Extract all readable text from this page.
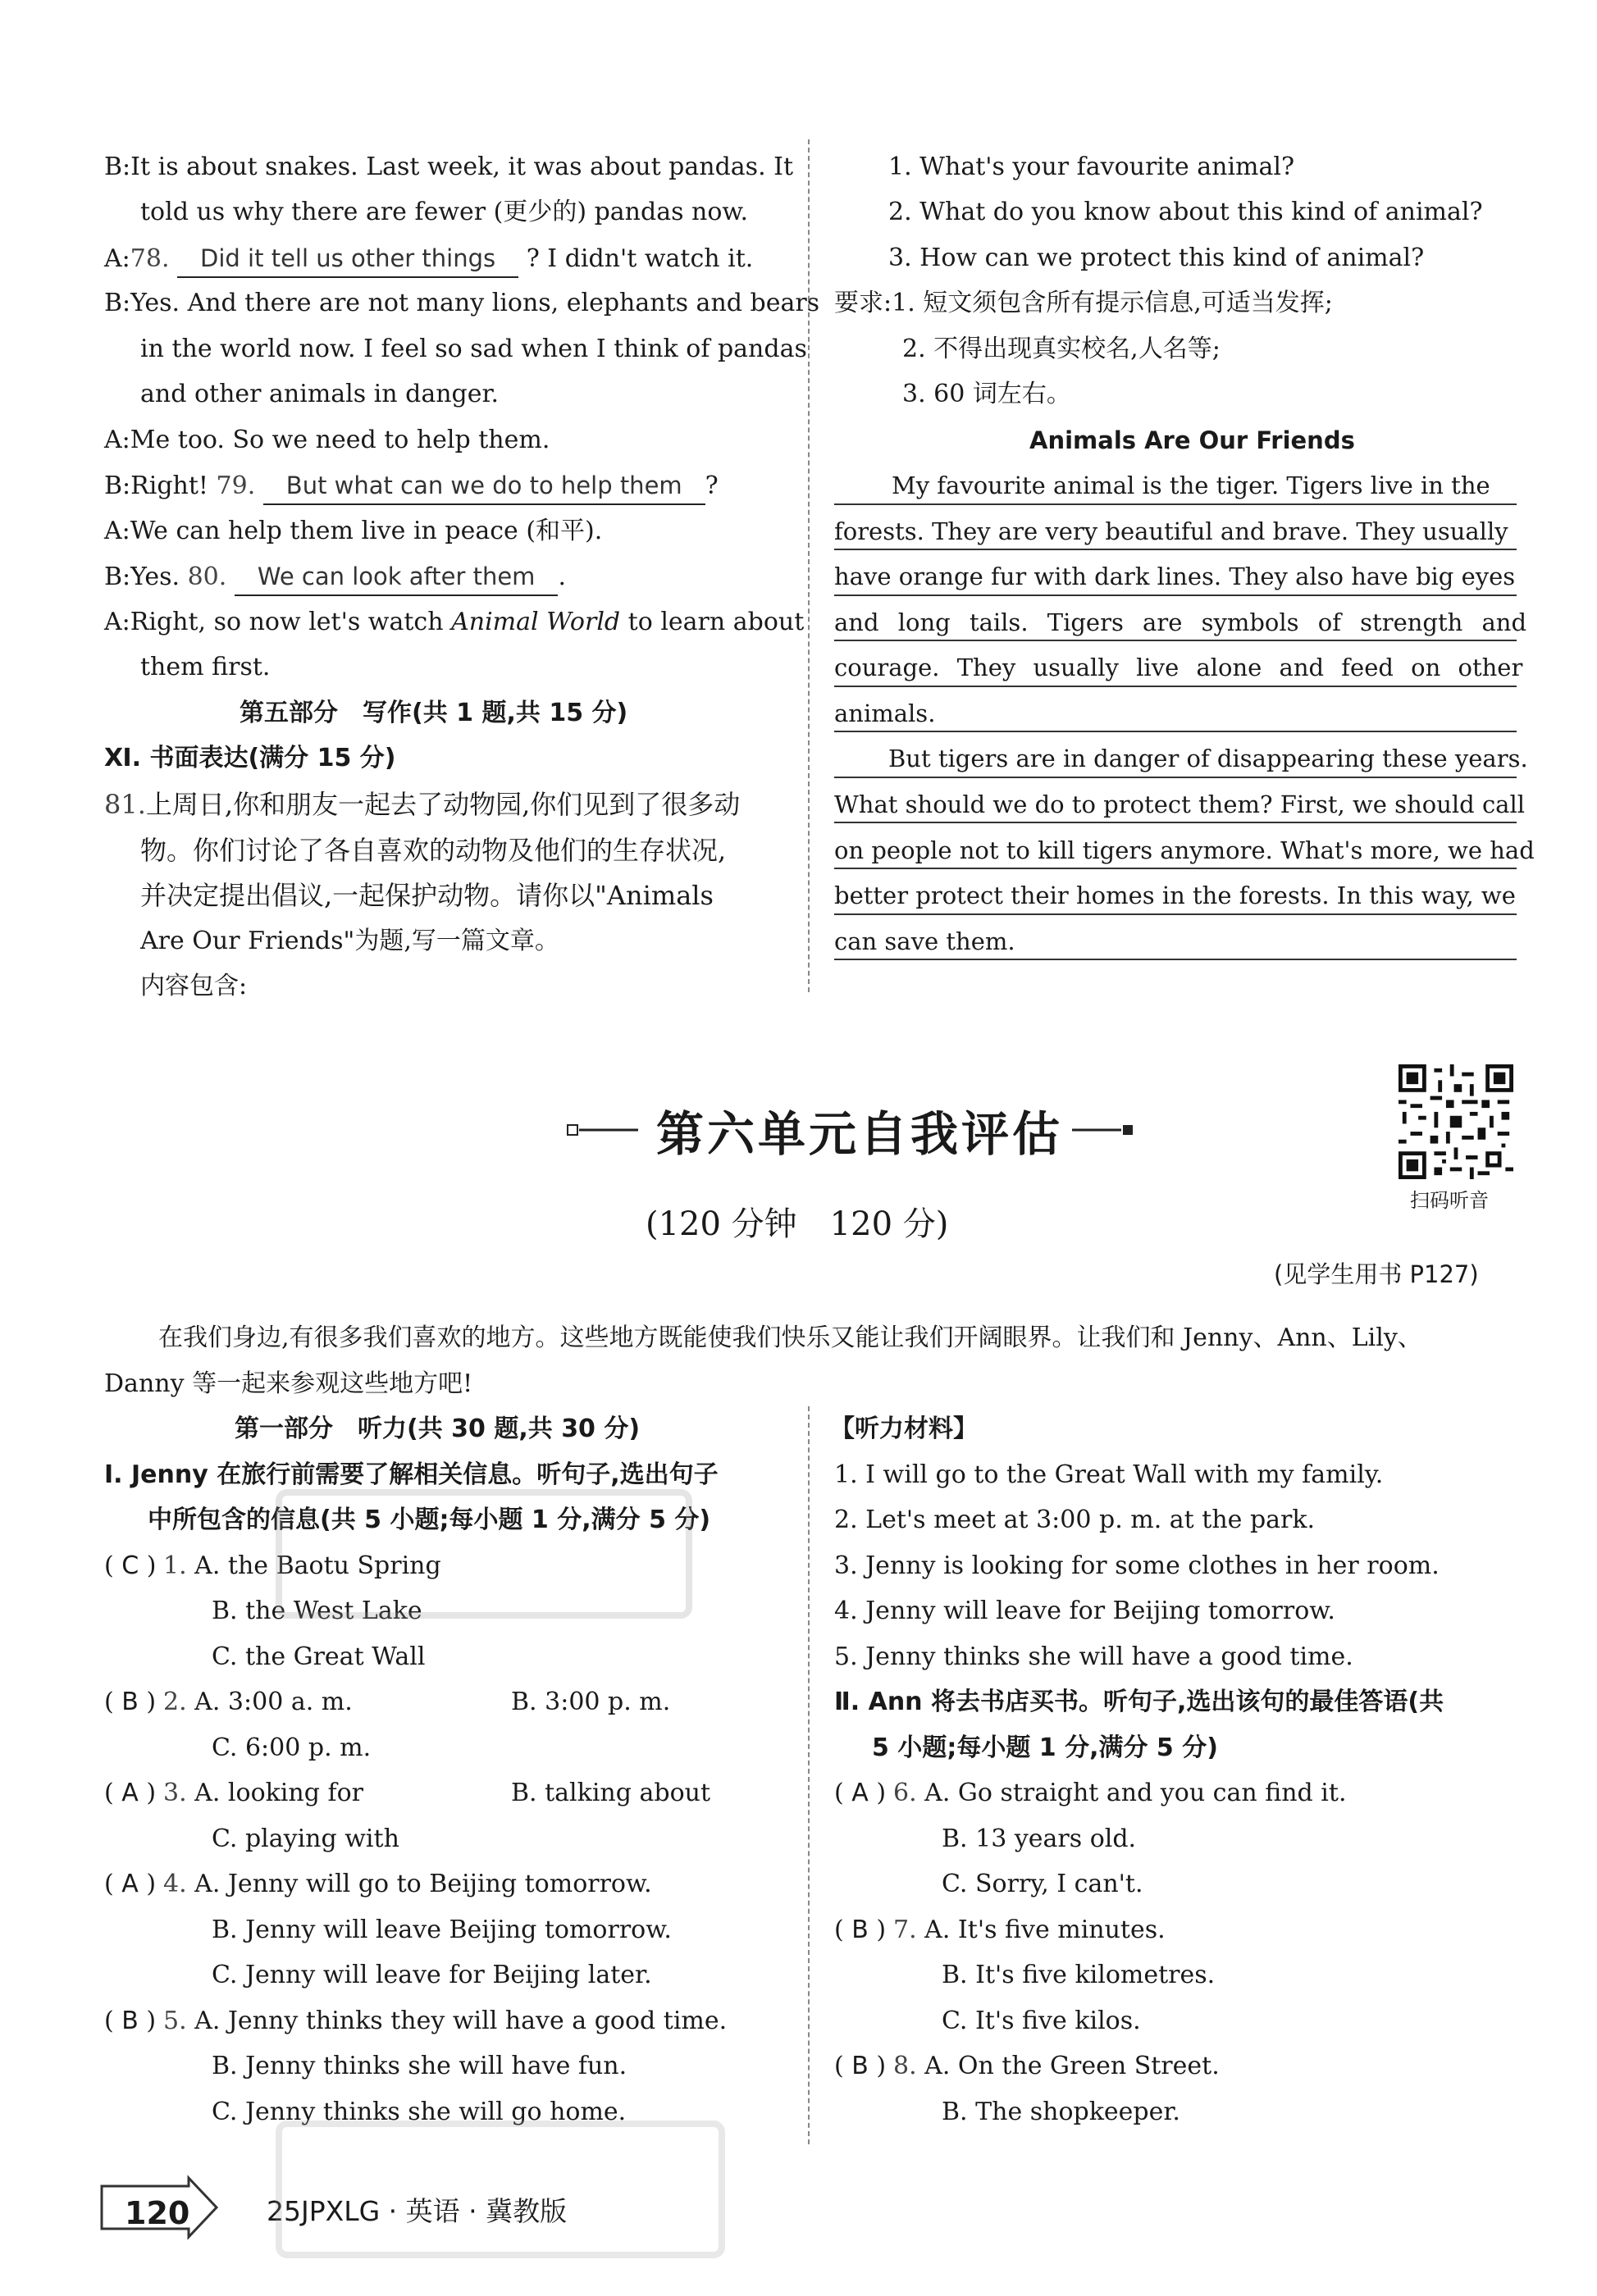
B:It is about snakes. Last week, it was about pandas. It
told us why there are fewer (更少的) pandas now.
A:78. Did it tell us other things ? I didn't watch it.
B:Yes. And there are not many lions, elephants and bears
in the world now. I feel so sad when I think of pandas
and other animals in danger.
A:Me too. So we need to help them.
B:Right! 79. But what can we do to help them ?
A:We can help them live in peace (和平).
B:Yes. 80. We can look after them .
A:Right, so now let's watch Animal World to learn about
them first.
第五部分　写作(共 1 题,共 15 分)
Ⅺ. 书面表达(满分 15 分)
81.上周日,你和朋友一起去了动物园,你们见到了很多动
物。你们讨论了各自喜欢的动物及他们的生存状况,
并决定提出倡议,一起保护动物。请你以"Animals
Are Our Friends"为题,写一篇文章。
内容包含:
1. What's your favourite animal?
2. What do you know about this kind of animal?
3. How can we protect this kind of animal?
要求:1. 短文须包含所有提示信息,可适当发挥;
2. 不得出现真实校名,人名等;
3. 60 词左右。
Animals Are Our Friends
My favourite animal is the tiger. Tigers live in the
forests. They are very beautiful and brave. They usually
have orange fur with dark lines. They also have big eyes
and long tails. Tigers are symbols of strength and
courage. They usually live alone and feed on other
animals.
But tigers are in danger of disappearing these years.
What should we do to protect them? First, we should call
on people not to kill tigers anymore. What's more, we had
better protect their homes in the forests. In this way, we
can save them.
第六单元自我评估
(120 分钟　120 分)
扫码听音
(见学生用书 P127)
在我们身边,有很多我们喜欢的地方。这些地方既能使我们快乐又能让我们开阔眼界。让我们和 Jenny、Ann、Lily、
Danny 等一起来参观这些地方吧!
第一部分　听力(共 30 题,共 30 分)
Ⅰ. Jenny 在旅行前需要了解相关信息。听句子,选出句子
中所包含的信息(共 5 小题;每小题 1 分,满分 5 分)
( C ) 1. A. the Baotu Spring
B. the West Lake
C. the Great Wall
( B ) 2. A. 3:00 a. m.	B. 3:00 p. m.
C. 6:00 p. m.
( A ) 3. A. looking for	B. talking about
C. playing with
( A ) 4. A. Jenny will go to Beijing tomorrow.
B. Jenny will leave Beijing tomorrow.
C. Jenny will leave for Beijing later.
( B ) 5. A. Jenny thinks they will have a good time.
B. Jenny thinks she will have fun.
C. Jenny thinks she will go home.
【听力材料】
1. I will go to the Great Wall with my family.
2. Let's meet at 3:00 p. m. at the park.
3. Jenny is looking for some clothes in her room.
4. Jenny will leave for Beijing tomorrow.
5. Jenny thinks she will have a good time.
Ⅱ. Ann 将去书店买书。听句子,选出该句的最佳答语(共
5 小题;每小题 1 分,满分 5 分)
( A ) 6. A. Go straight and you can find it.
B. 13 years old.
C. Sorry, I can't.
( B ) 7. A. It's five minutes.
B. It's five kilometres.
C. It's five kilos.
( B ) 8. A. On the Green Street.
B. The shopkeeper.
120	25JPXLG · 英语 · 冀教版
